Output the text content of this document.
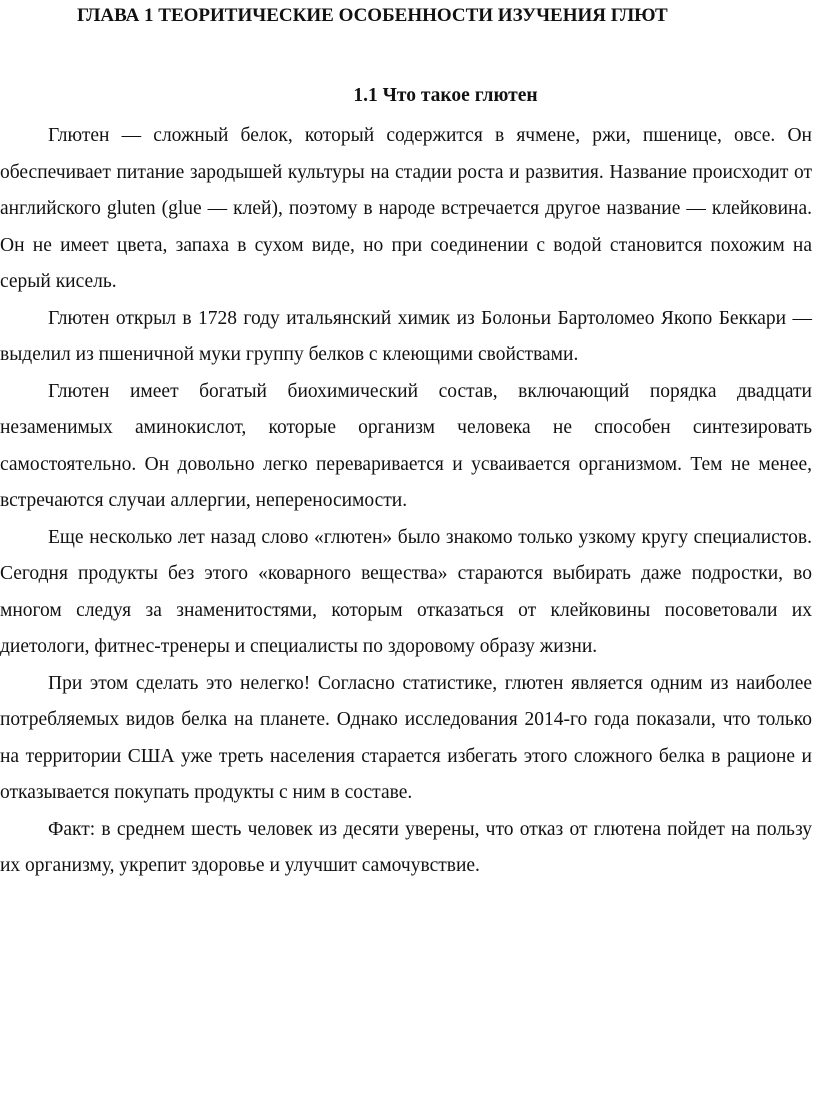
ГЛАВА 1 ТЕОРИТИЧЕСКИЕ ОСОБЕННОСТИ ИЗУЧЕНИЯ ГЛЮТ
1.1 Что такое глютен

Глютен — сложный белок, который содержится в ячмене, ржи, пшенице, овсе. Он обеспечивает питание зародышей культуры на стадии роста и развития. Название происходит от английского gluten (glue — клей), поэтому в народе встречается другое название — клейковина. Он не имеет цвета, запаха в сухом виде, но при соединении с водой становится похожим на серый кисель.

Глютен открыл в 1728 году итальянский химик из Болоньи Бартоломео Якопо Беккари — выделил из пшеничной муки группу белков с клеющими свойствами.

Глютен имеет богатый биохимический состав, включающий порядка двадцати незаменимых аминокислот, которые организм человека не способен синтезировать самостоятельно. Он довольно легко переваривается и усваивается организмом. Тем не менее, встречаются случаи аллергии, непереносимости.

Еще несколько лет назад слово «глютен» было знакомо только узкому кругу специалистов. Сегодня продукты без этого «коварного вещества» стараются выбирать даже подростки, во многом следуя за знаменитостями, которым отказаться от клейковины посоветовали их диетологи, фитнес-тренеры и специалисты по здоровому образу жизни.

При этом сделать это нелегко! Согласно статистике, глютен является одним из наиболее потребляемых видов белка на планете. Однако исследования 2014-го года показали, что только на территории США уже треть населения старается избегать этого сложного белка в рационе и отказывается покупать продукты с ним в составе.

Факт: в среднем шесть человек из десяти уверены, что отказ от глютена пойдет на пользу их организму, укрепит здоровье и улучшит самочувствие.
